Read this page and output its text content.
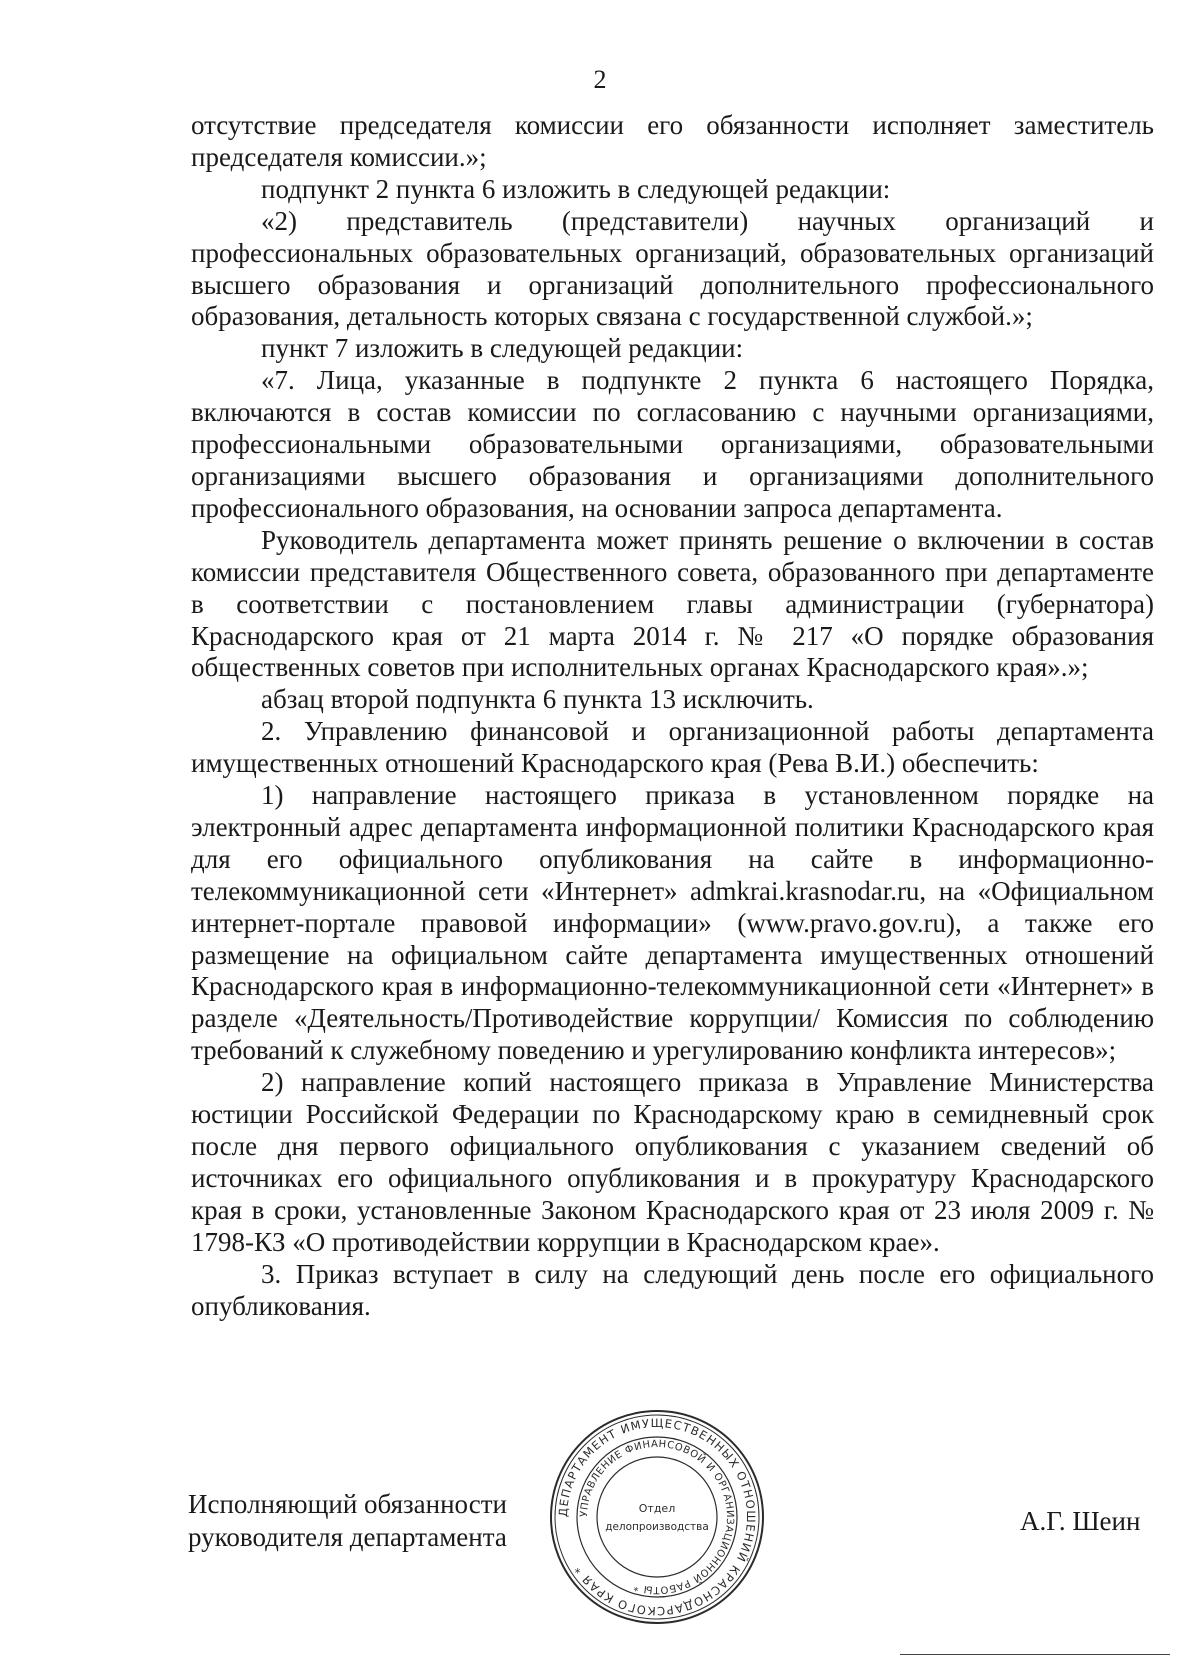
2

отсутствие председателя комиссии его обязанности исполняет заместитель председателя комиссии.»;

подпункт 2 пункта 6 изложить в следующей редакции:

«2) представитель (представители) научных организаций и профессиональных образовательных организаций, образовательных организаций высшего образования и организаций дополнительного профессионального образования, детальность которых связана с государственной службой.»;

пункт 7 изложить в следующей редакции:

«7. Лица, указанные в подпункте 2 пункта 6 настоящего Порядка, включаются в состав комиссии по согласованию с научными организациями, профессиональными образовательными организациями, образовательными организациями высшего образования и организациями дополнительного профессионального образования, на основании запроса департамента.

Руководитель департамента может принять решение о включении в состав комиссии представителя Общественного совета, образованного при департаменте в соответствии с постановлением главы администрации (губернатора) Краснодарского края от 21 марта 2014 г. № 217 «О порядке образования общественных советов при исполнительных органах Краснодарского края».»;

абзац второй подпункта 6 пункта 13 исключить.

2. Управлению финансовой и организационной работы департамента имущественных отношений Краснодарского края (Рева В.И.) обеспечить:

1) направление настоящего приказа в установленном порядке на электронный адрес департамента информационной политики Краснодарского края для его официального опубликования на сайте в информационно-телекоммуникационной сети «Интернет» admkrai.krasnodar.ru, на «Официальном интернет-портале правовой информации» (www.pravo.gov.ru), а также его размещение на официальном сайте департамента имущественных отношений Краснодарского края в информационно-телекоммуникационной сети «Интернет» в разделе «Деятельность/Противодействие коррупции/ Комиссия по соблюдению требований к служебному поведению и урегулированию конфликта интересов»;

2) направление копий настоящего приказа в Управление Министерства юстиции Российской Федерации по Краснодарскому краю в семидневный срок после дня первого официального опубликования с указанием сведений об источниках его официального опубликования и в прокуратуру Краснодарского края в сроки, установленные Законом Краснодарского края от 23 июля 2009 г. № 1798-КЗ «О противодействии коррупции в Краснодарском крае».

3. Приказ вступает в силу на следующий день после его официального опубликования.

Исполняющий обязанности
руководителя департамента
А.Г. Шеин
ДЕПАРТАМЕНТ ИМУЩЕСТВЕННЫХ ОТНОШЕНИЙ КРАСНОДАРСКОГО КРАЯ *
УПРАВЛЕНИЕ ФИНАНСОВОЙ И ОРГАНИЗАЦИОННОЙ РАБОТЫ *
Отдел
делопроизводства
